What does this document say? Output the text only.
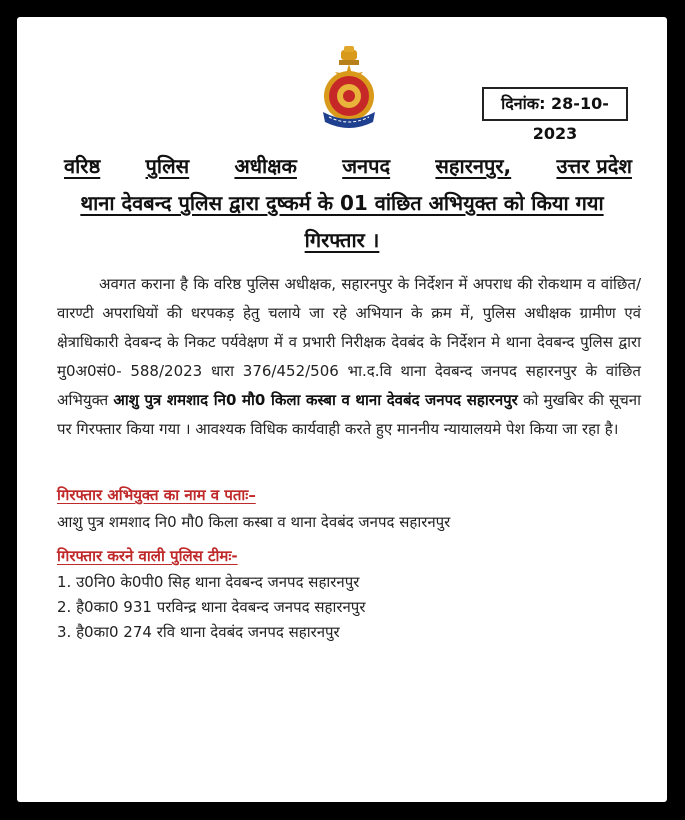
दिनांक: 28-10-2023
वरिष्ठ पुलिस अधीक्षक जनपद सहारनपुर, उत्तर प्रदेश
थाना देवबन्द पुलिस द्वारा दुष्कर्म के 01 वांछित अभियुक्त को किया गया
गिरफ्तार ।

अवगत कराना है कि वरिष्ठ पुलिस अधीक्षक, सहारनपुर के निर्देशन में अपराध की रोकथाम व वांछित/वारण्टी अपराधियों की धरपकड़ हेतु चलाये जा रहे अभियान के क्रम में, पुलिस अधीक्षक ग्रामीण एवं क्षेत्राधिकारी देवबन्द के निकट पर्यवेक्षण में व प्रभारी निरीक्षक देवबंद के निर्देशन मे थाना देवबन्द पुलिस द्वारा मु0अ0सं0- 588/2023 धारा 376/452/506 भा.द.वि थाना देवबन्द जनपद सहारनपुर के वांछित अभियुक्त आशु पुत्र शमशाद नि0 मौ0 किला कस्बा व थाना देवबंद जनपद सहारनपुर को मुखबिर की सूचना पर गिरफ्तार किया गया । आवश्यक विधिक कार्यवाही करते हुए माननीय न्यायालयमे पेश किया जा रहा है।

गिरफ्तार अभियुक्त का नाम व पताः–
आशु पुत्र शमशाद नि0 मौ0 किला कस्बा व थाना देवबंद जनपद सहारनपुर
गिरफ्तार करने वाली पुलिस टीमः-
1. उ0नि0 के0पी0 सिह थाना देवबन्द जनपद सहारनपुर
2. है0का0 931 परविन्द्र थाना देवबन्द जनपद सहारनपुर
3. है0का0 274 रवि थाना देवबंद जनपद सहारनपुर
